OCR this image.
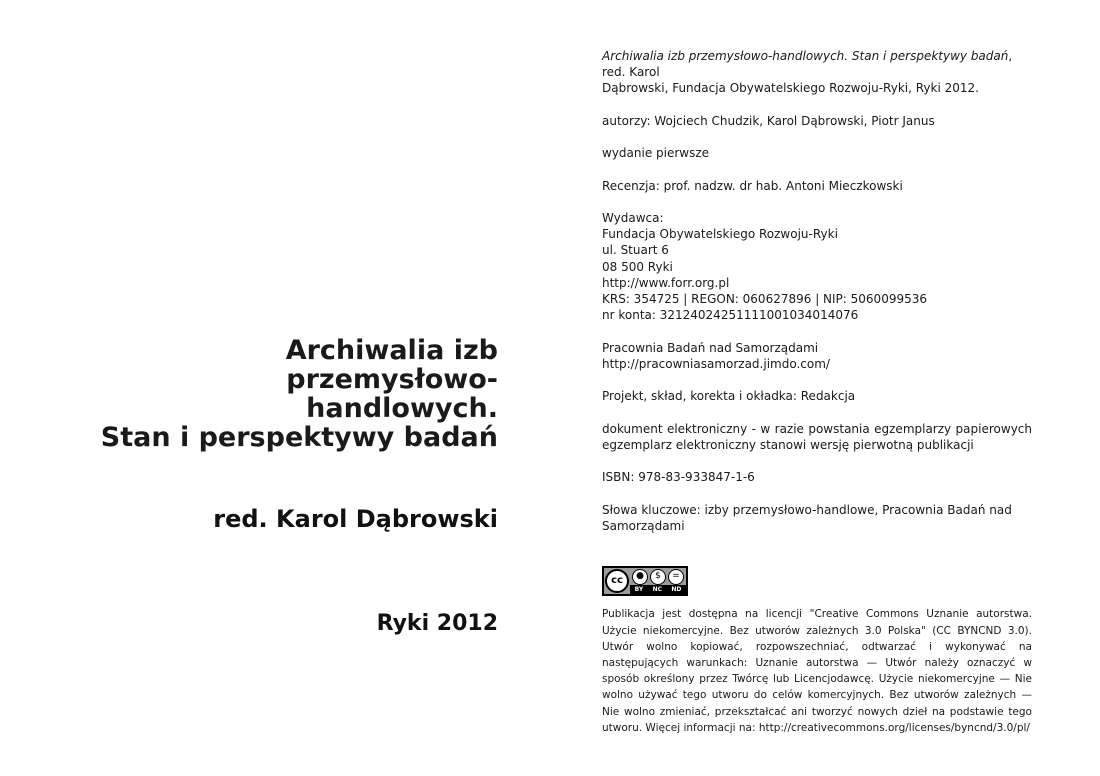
Archiwalia izb przemysłowo-
handlowych.
Stan i perspektywy badań
red. Karol Dąbrowski
Ryki 2012

Archiwalia izb przemysłowo-handlowych. Stan i perspektywy badań, red. Karol
Dąbrowski, Fundacja Obywatelskiego Rozwoju-Ryki, Ryki 2012.

autorzy: Wojciech Chudzik, Karol Dąbrowski, Piotr Janus

wydanie pierwsze

Recenzja: prof. nadzw. dr hab. Antoni Mieczkowski

Wydawca:
Fundacja Obywatelskiego Rozwoju-Ryki
ul. Stuart 6
08 500 Ryki
http://www.forr.org.pl
KRS: 354725 | REGON: 060627896 | NIP: 5060099536
nr konta: 32124024251111001034014076

Pracownia Badań nad Samorządami
http://pracowniasamorzad.jimdo.com/

Projekt, skład, korekta i okładka: Redakcja

dokument elektroniczny - w razie powstania egzemplarzy papierowych
egzemplarz elektroniczny stanowi wersję pierwotną publikacji

ISBN: 978-83-933847-1-6

Słowa kluczowe: izby przemysłowo-handlowe, Pracownia Badań nad Samorządami

cc	●	$	=
BY NC ND

Publikacja jest dostępna na licencji "Creative Commons Uznanie autorstwa. Użycie niekomercyjne. Bez utworów zależnych 3.0 Polska" (CC BYNCND 3.0). Utwór wolno kopiować, rozpowszechniać, odtwarzać i wykonywać na następujących warunkach: Uznanie autorstwa — Utwór należy oznaczyć w sposób określony przez Twórcę lub Licencjodawcę. Użycie niekomercyjne — Nie wolno używać tego utworu do celów komercyjnych. Bez utworów zależnych — Nie wolno zmieniać, przekształcać ani tworzyć nowych dzieł na podstawie tego utworu. Więcej informacji na: http://creativecommons.org/licenses/byncnd/3.0/pl/
